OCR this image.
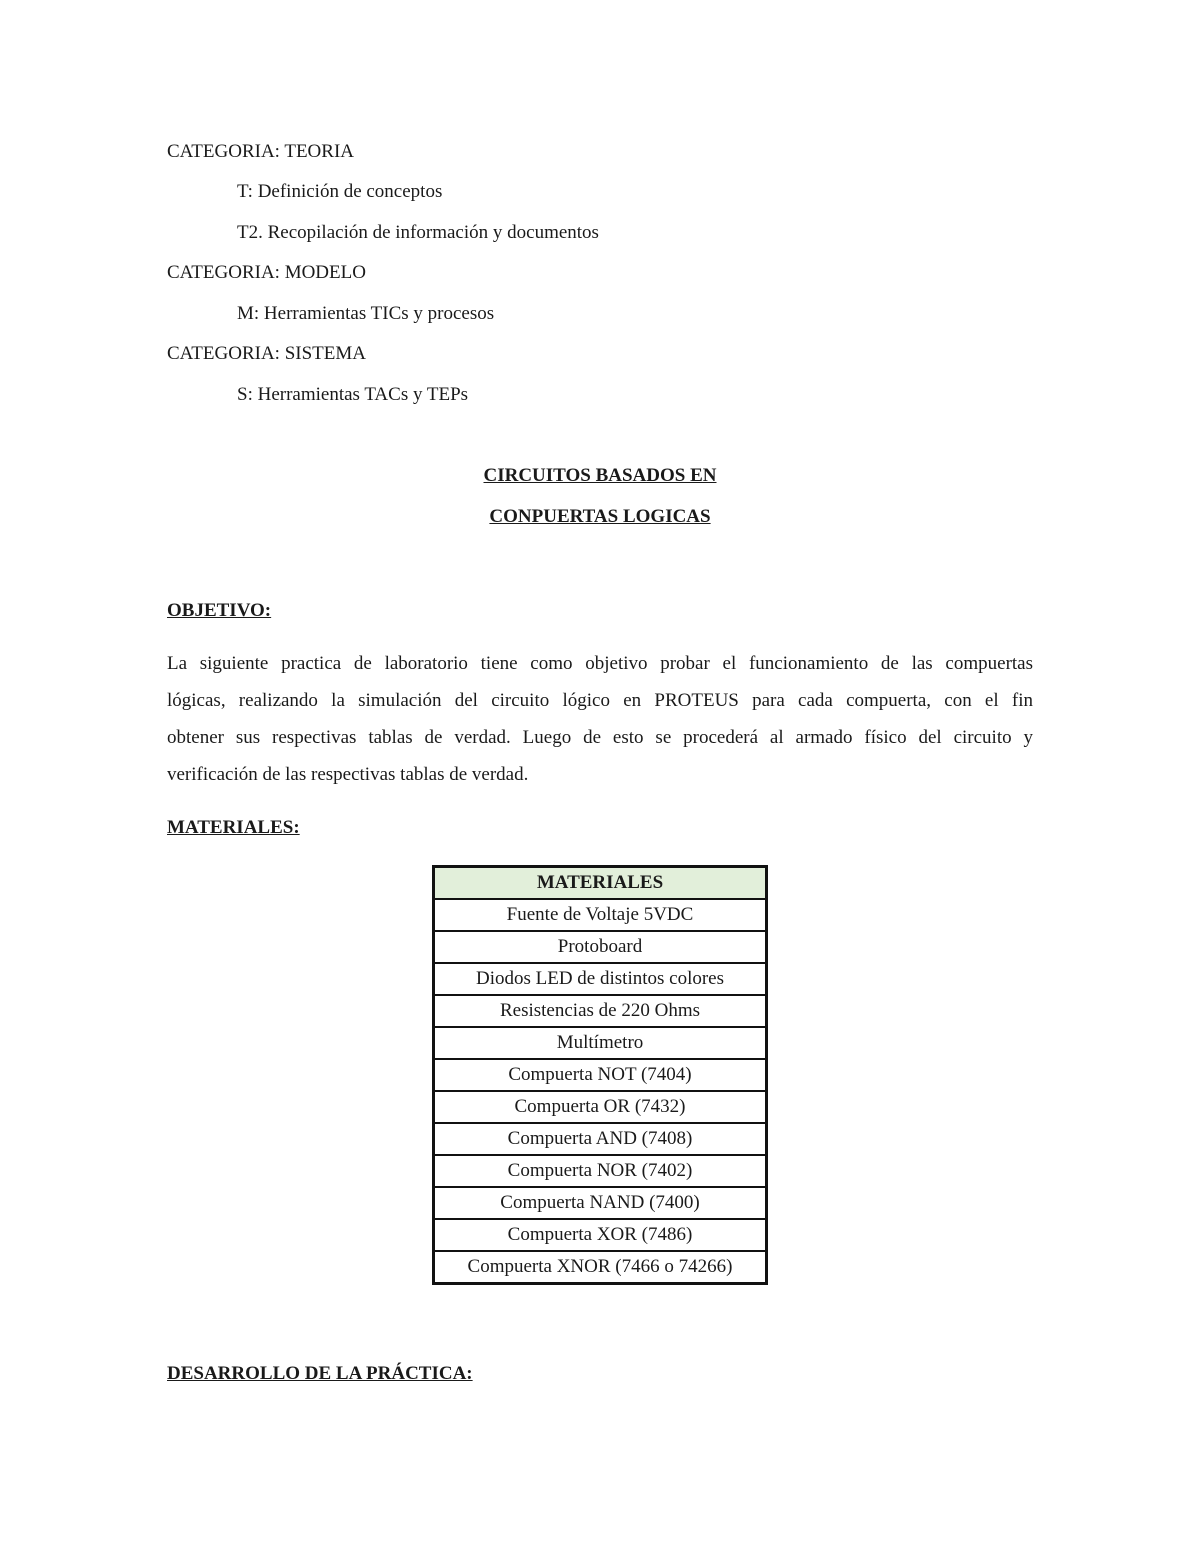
CATEGORIA: TEORIA
T: Definición de conceptos
T2. Recopilación de información y documentos
CATEGORIA: MODELO
M: Herramientas TICs y procesos
CATEGORIA: SISTEMA
S: Herramientas TACs y TEPs
CIRCUITOS BASADOS EN
CONPUERTAS LOGICAS
OBJETIVO:
La siguiente practica de laboratorio tiene como objetivo probar el funcionamiento de las compuertas
lógicas, realizando la simulación del circuito lógico en PROTEUS para cada compuerta, con el fin
obtener sus respectivas tablas de verdad. Luego de esto se procederá al armado físico del circuito y
verificación de las respectivas tablas de verdad.
MATERIALES:
MATERIALES
Fuente de Voltaje 5VDC
Protoboard
Diodos LED de distintos colores
Resistencias de 220 Ohms
Multímetro
Compuerta NOT (7404)
Compuerta OR (7432)
Compuerta AND (7408)
Compuerta NOR (7402)
Compuerta NAND (7400)
Compuerta XOR (7486)
Compuerta XNOR (7466 o 74266)
DESARROLLO DE LA PRÁCTICA:
